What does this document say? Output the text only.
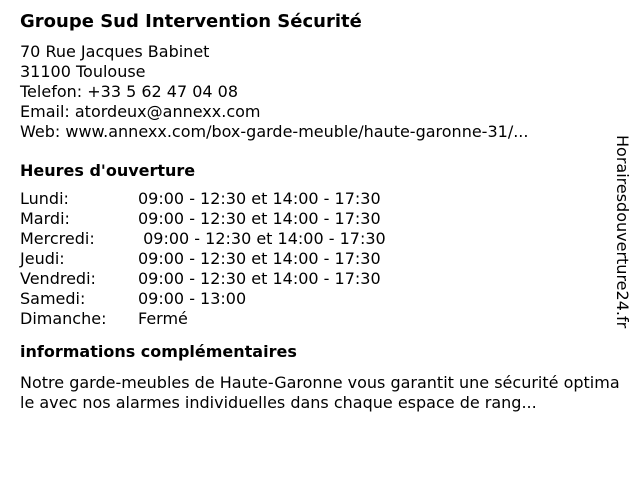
Groupe Sud Intervention Sécurité
70 Rue Jacques Babinet
31100 Toulouse
Telefon: +33 5 62 47 04 08
Email: atordeux@annexx.com
Web: www.annexx.com/box-garde-meuble/haute-garonne-31/...
Heures d'ouverture
Lundi:	09:00 - 12:30 et 14:00 - 17:30
Mardi:	09:00 - 12:30 et 14:00 - 17:30
Mercredi:	09:00 - 12:30 et 14:00 - 17:30
Jeudi:	09:00 - 12:30 et 14:00 - 17:30
Vendredi:	09:00 - 12:30 et 14:00 - 17:30
Samedi:	09:00 - 13:00
Dimanche:	Fermé
informations complémentaires
Notre garde-meubles de Haute-Garonne vous garantit une sécurité optimale avec nos alarmes individuelles dans chaque espace de rang...
Horairesdouverture24.fr
